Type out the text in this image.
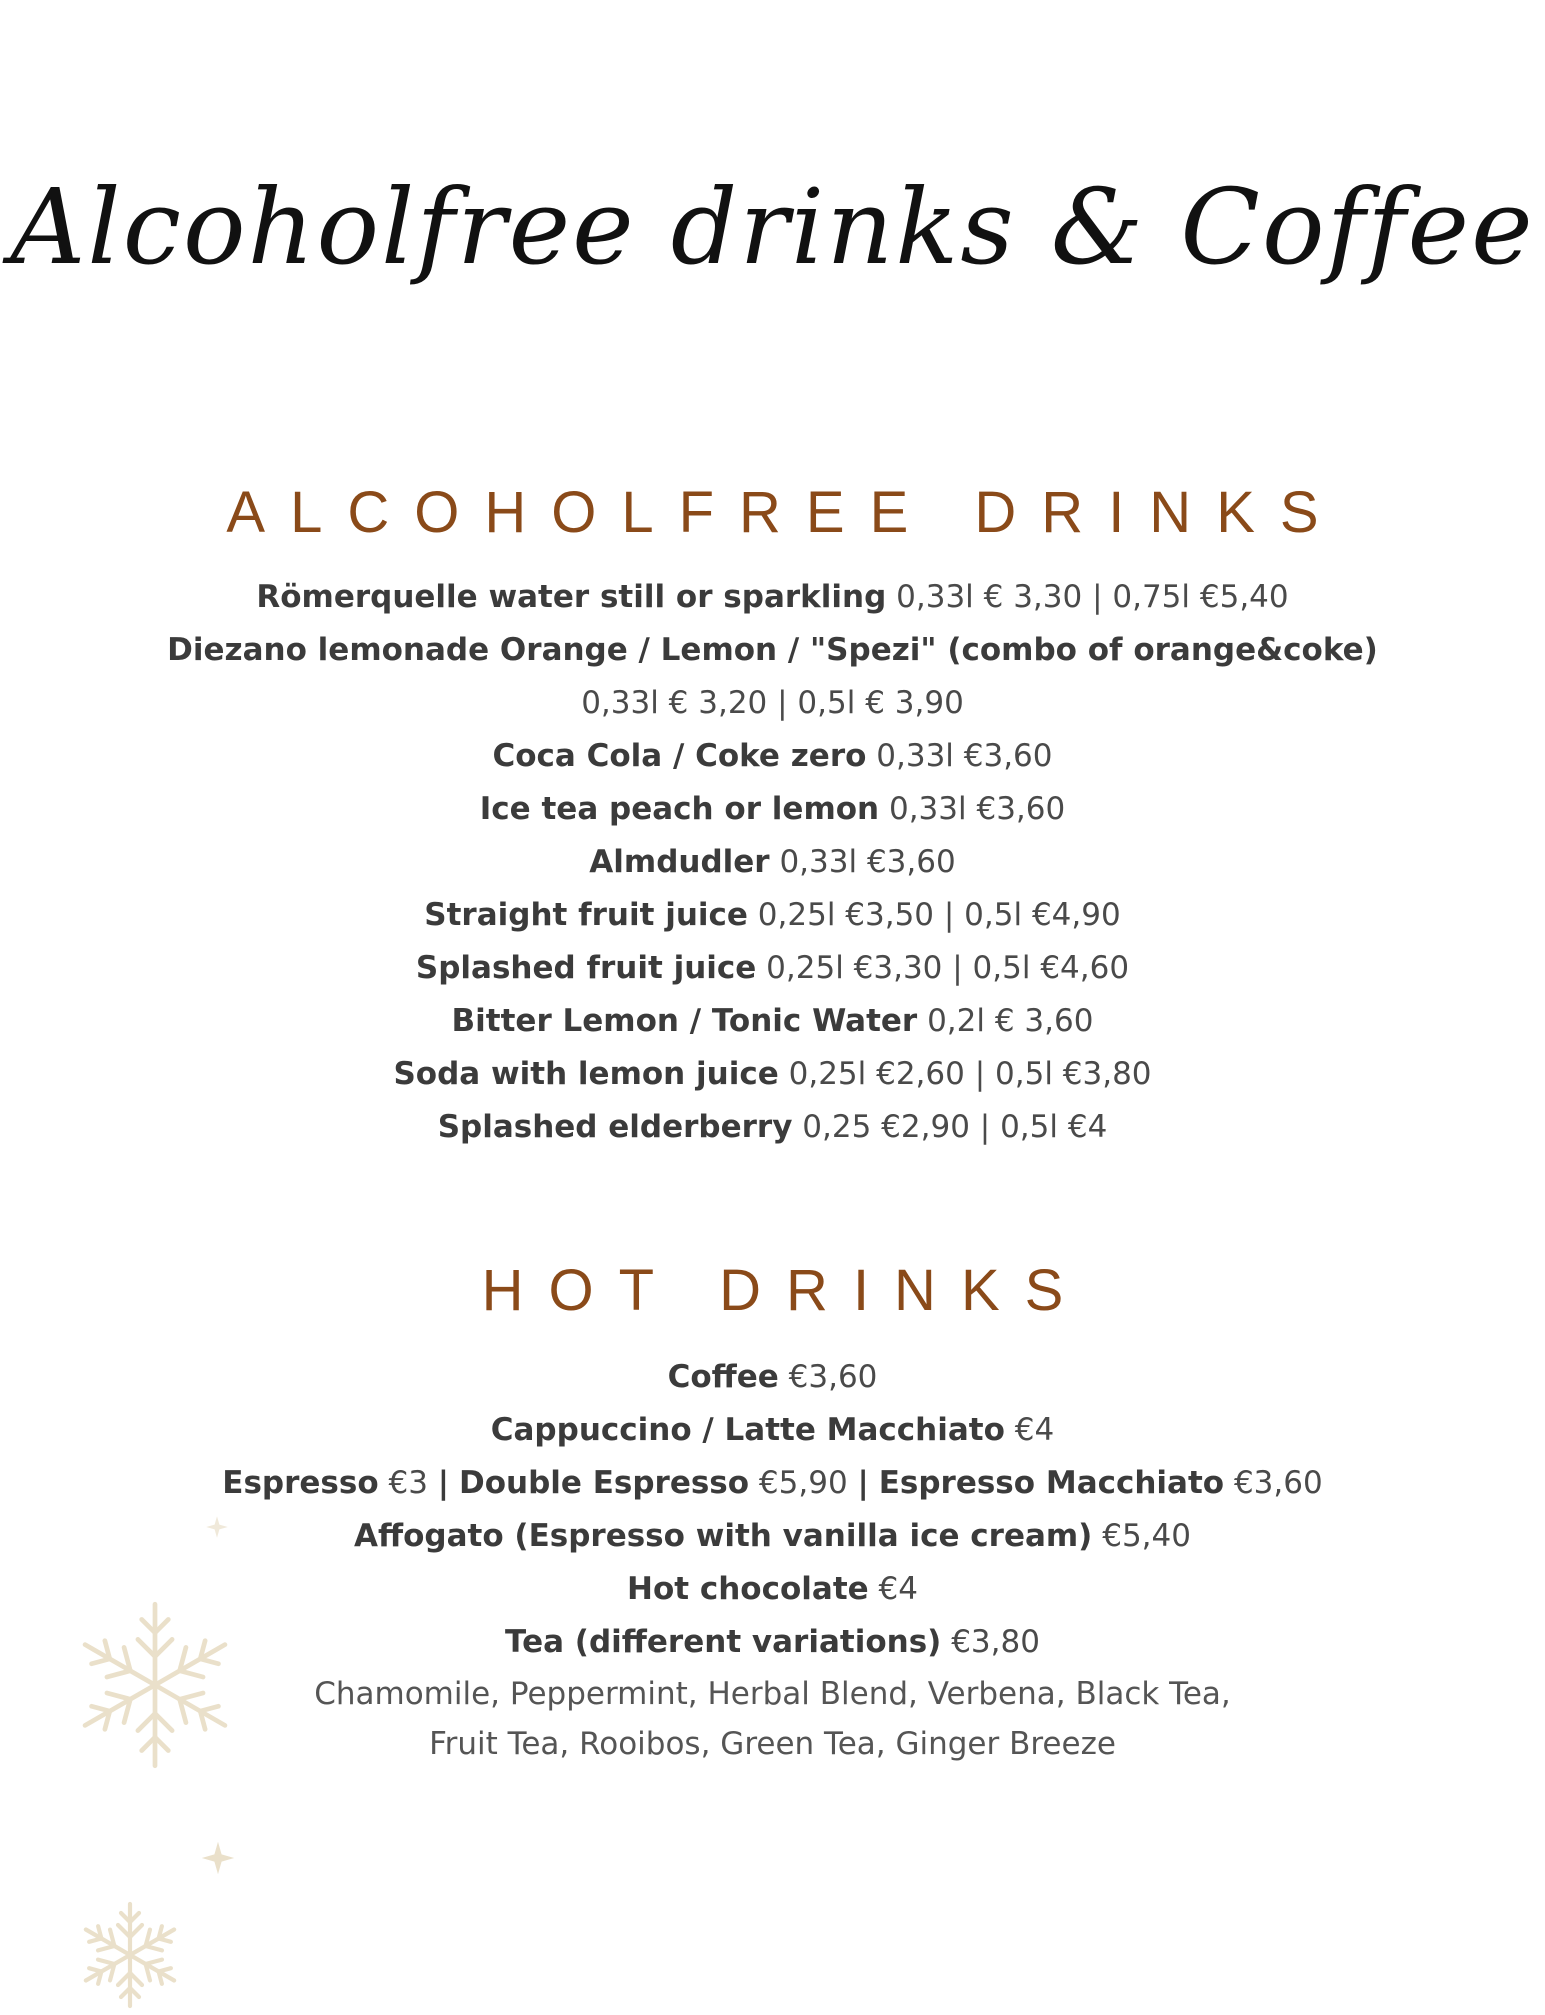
Alcoholfree drinks & Coffee
ALCOHOLFREE DRINKS
Römerquelle water still or sparkling 0,33l € 3,30 | 0,75l €5,40
Diezano lemonade Orange / Lemon / "Spezi" (combo of orange&coke)
0,33l € 3,20 | 0,5l € 3,90
Coca Cola / Coke zero 0,33l €3,60
Ice tea peach or lemon 0,33l €3,60
Almdudler 0,33l €3,60
Straight fruit juice 0,25l €3,50 | 0,5l €4,90
Splashed fruit juice 0,25l €3,30 | 0,5l €4,60
Bitter Lemon / Tonic Water 0,2l € 3,60
Soda with lemon juice 0,25l €2,60 | 0,5l €3,80
Splashed elderberry 0,25 €2,90 | 0,5l €4
HOT DRINKS
Coffee €3,60
Cappuccino / Latte Macchiato €4
Espresso €3 | Double Espresso €5,90 | Espresso Macchiato €3,60
Affogato (Espresso with vanilla ice cream) €5,40
Hot chocolate €4
Tea (different variations) €3,80
Chamomile, Peppermint, Herbal Blend, Verbena, Black Tea,
Fruit Tea, Rooibos, Green Tea, Ginger Breeze
